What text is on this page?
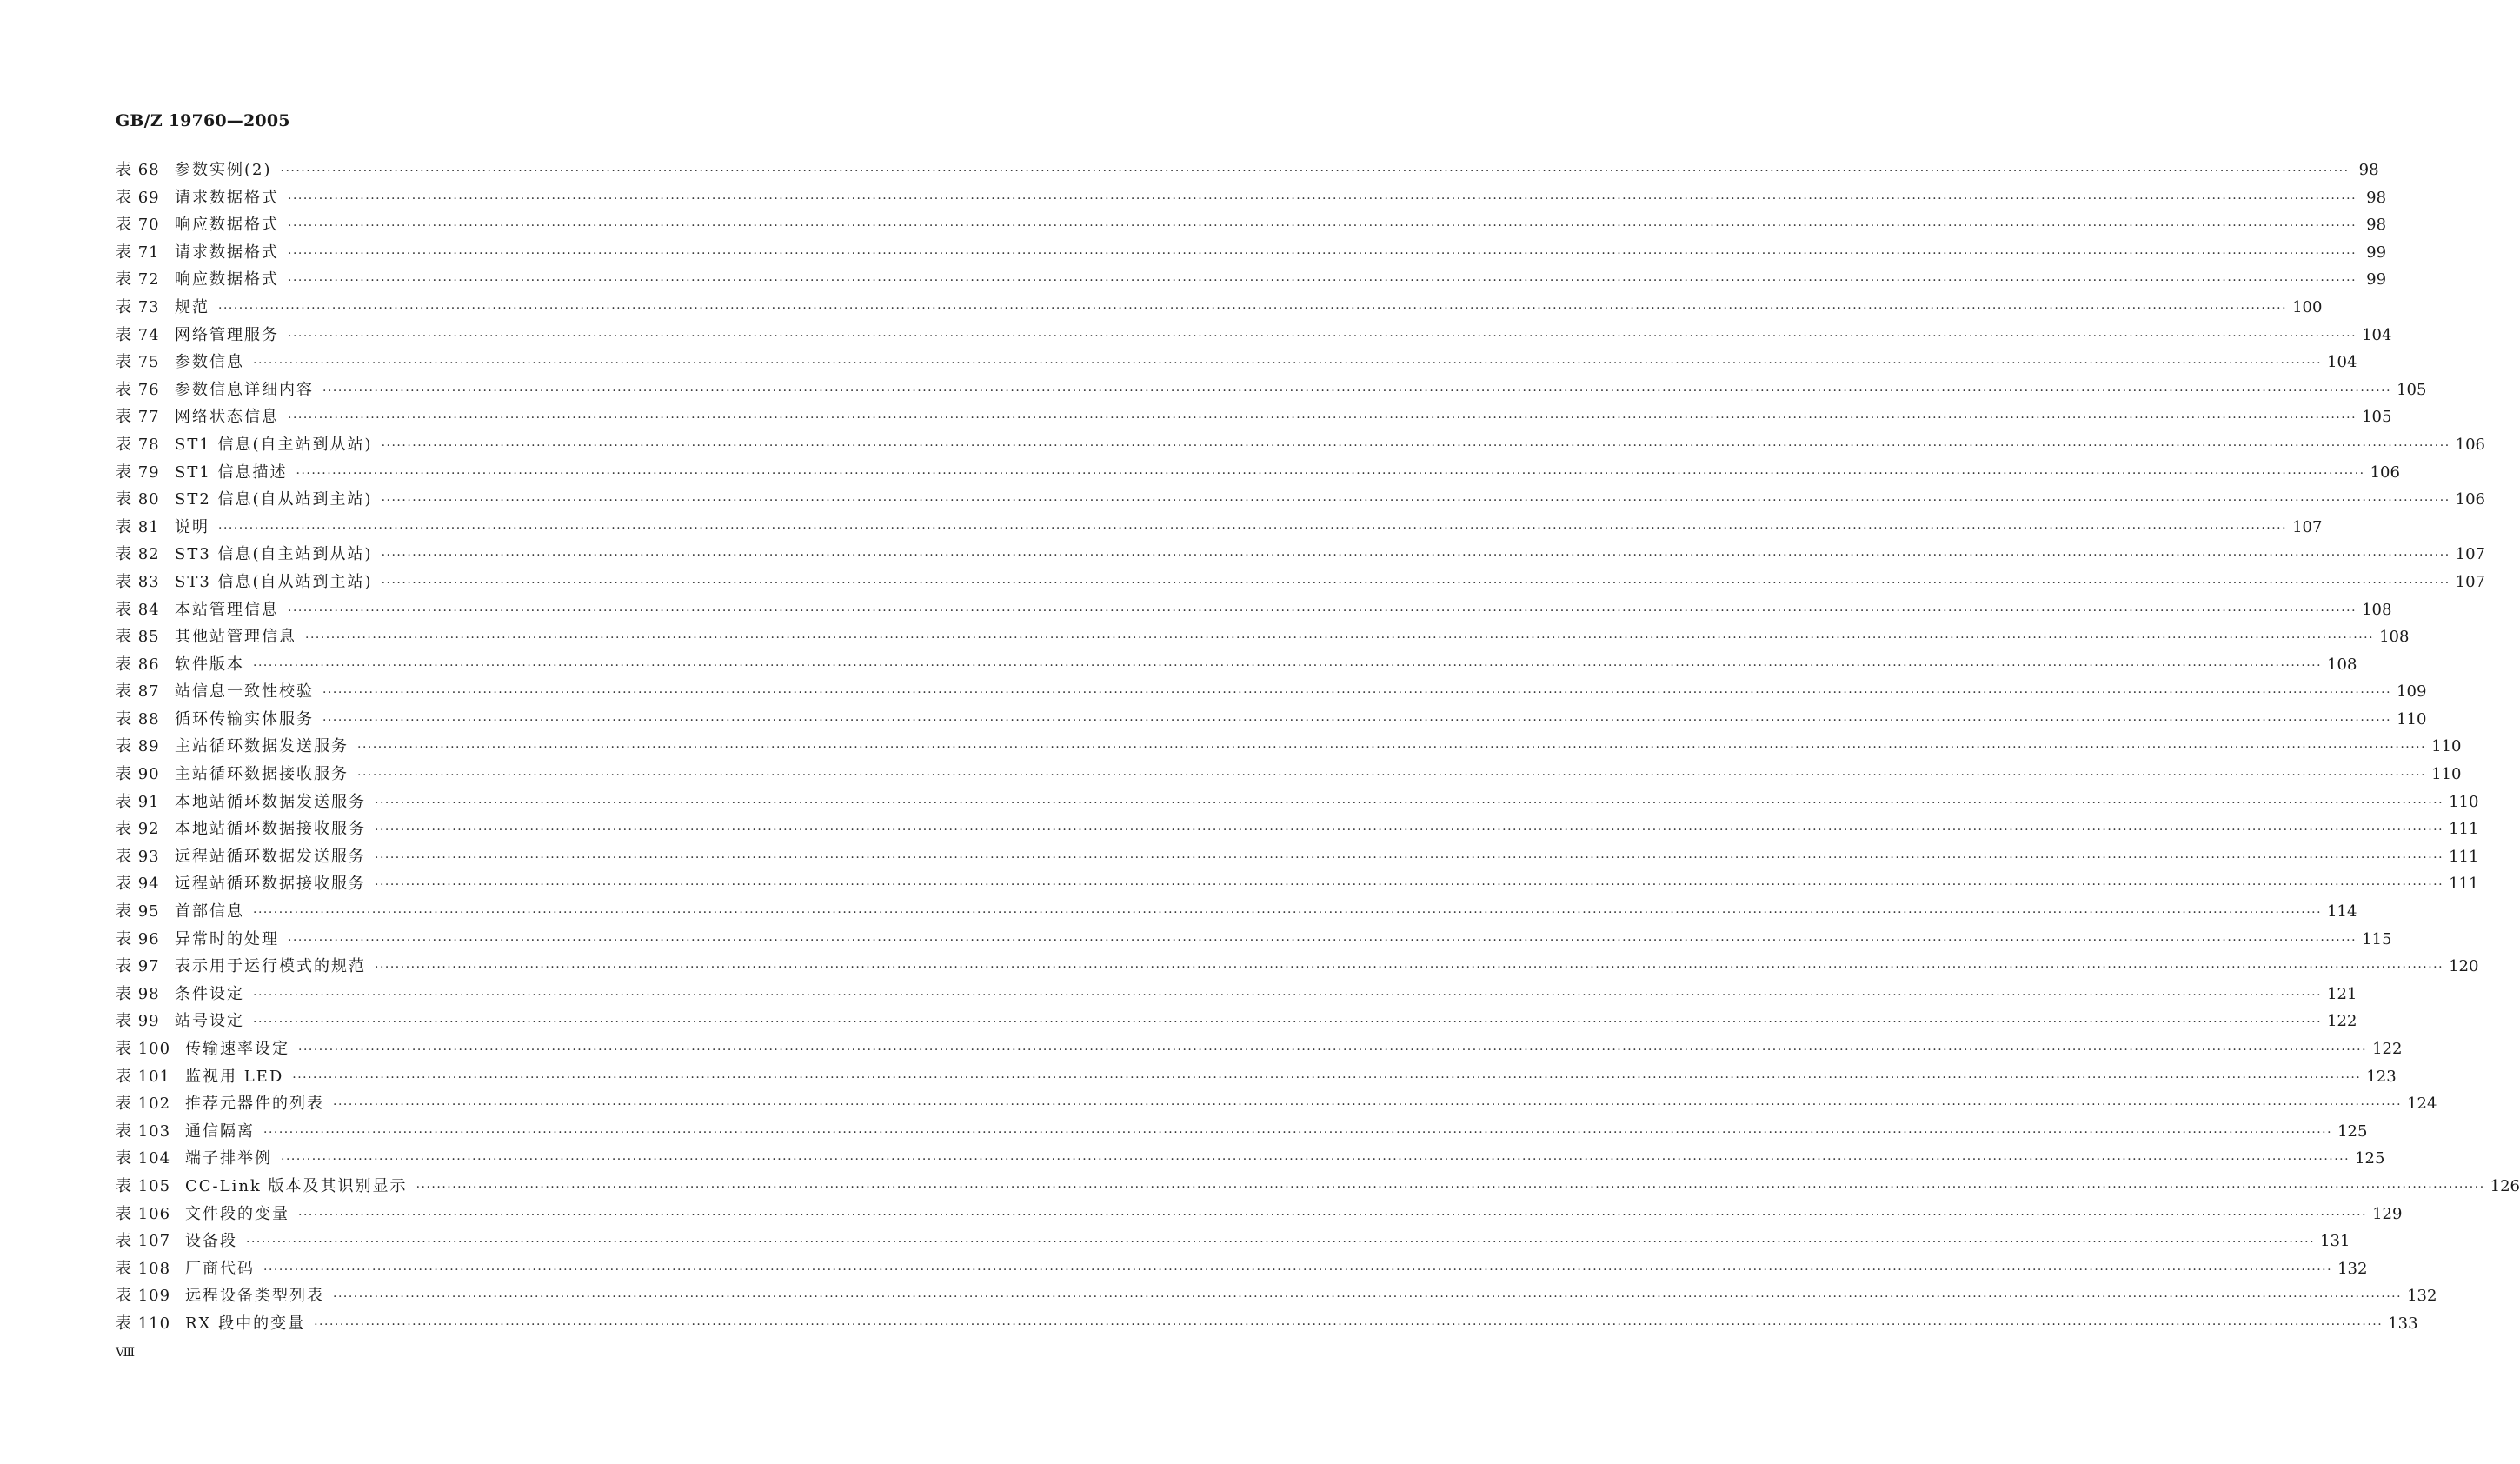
GB/Z 19760—2005
表 68 参数实例(2) ················································································································································································································································································································································································································ 98
表 69 请求数据格式 ················································································································································································································································································································································································································ 98
表 70 响应数据格式 ················································································································································································································································································································································································································ 98
表 71 请求数据格式 ················································································································································································································································································································································································································ 99
表 72 响应数据格式 ················································································································································································································································································································································································································ 99
表 73 规范 ················································································································································································································································································································································································································ 100
表 74 网络管理服务 ················································································································································································································································································································································································································ 104
表 75 参数信息 ················································································································································································································································································································································································································ 104
表 76 参数信息详细内容 ················································································································································································································································································································································································································ 105
表 77 网络状态信息 ················································································································································································································································································································································································································ 105
表 78 ST1 信息(自主站到从站) ················································································································································································································································································································································································································ 106
表 79 ST1 信息描述 ················································································································································································································································································································································································································ 106
表 80 ST2 信息(自从站到主站) ················································································································································································································································································································································································································ 106
表 81 说明 ················································································································································································································································································································································································································ 107
表 82 ST3 信息(自主站到从站) ················································································································································································································································································································································································································ 107
表 83 ST3 信息(自从站到主站) ················································································································································································································································································································································································································ 107
表 84 本站管理信息 ················································································································································································································································································································································································································ 108
表 85 其他站管理信息 ················································································································································································································································································································································································································ 108
表 86 软件版本 ················································································································································································································································································································································································································ 108
表 87 站信息一致性校验 ················································································································································································································································································································································································································ 109
表 88 循环传输实体服务 ················································································································································································································································································································································································································ 110
表 89 主站循环数据发送服务 ················································································································································································································································································································································································································ 110
表 90 主站循环数据接收服务 ················································································································································································································································································································································································································ 110
表 91 本地站循环数据发送服务 ················································································································································································································································································································································································································ 110
表 92 本地站循环数据接收服务 ················································································································································································································································································································································································································ 111
表 93 远程站循环数据发送服务 ················································································································································································································································································································································································································ 111
表 94 远程站循环数据接收服务 ················································································································································································································································································································································································································ 111
表 95 首部信息 ················································································································································································································································································································································································································ 114
表 96 异常时的处理 ················································································································································································································································································································································································································ 115
表 97 表示用于运行模式的规范 ················································································································································································································································································································································································································ 120
表 98 条件设定 ················································································································································································································································································································································································································ 121
表 99 站号设定 ················································································································································································································································································································································································································ 122
表 100 传输速率设定 ················································································································································································································································································································································································································ 122
表 101 监视用 LED ················································································································································································································································································································································································································ 123
表 102 推荐元器件的列表 ················································································································································································································································································································································································································ 124
表 103 通信隔离 ················································································································································································································································································································································································································ 125
表 104 端子排举例 ················································································································································································································································································································································································································ 125
表 105 CC-Link 版本及其识别显示 ················································································································································································································································································································································································································ 126
表 106 文件段的变量 ················································································································································································································································································································································································································ 129
表 107 设备段 ················································································································································································································································································································································································································ 131
表 108 厂商代码 ················································································································································································································································································································································································································ 132
表 109 远程设备类型列表 ················································································································································································································································································································································································································ 132
表 110 RX 段中的变量 ················································································································································································································································································································································································································ 133
Ⅷ
